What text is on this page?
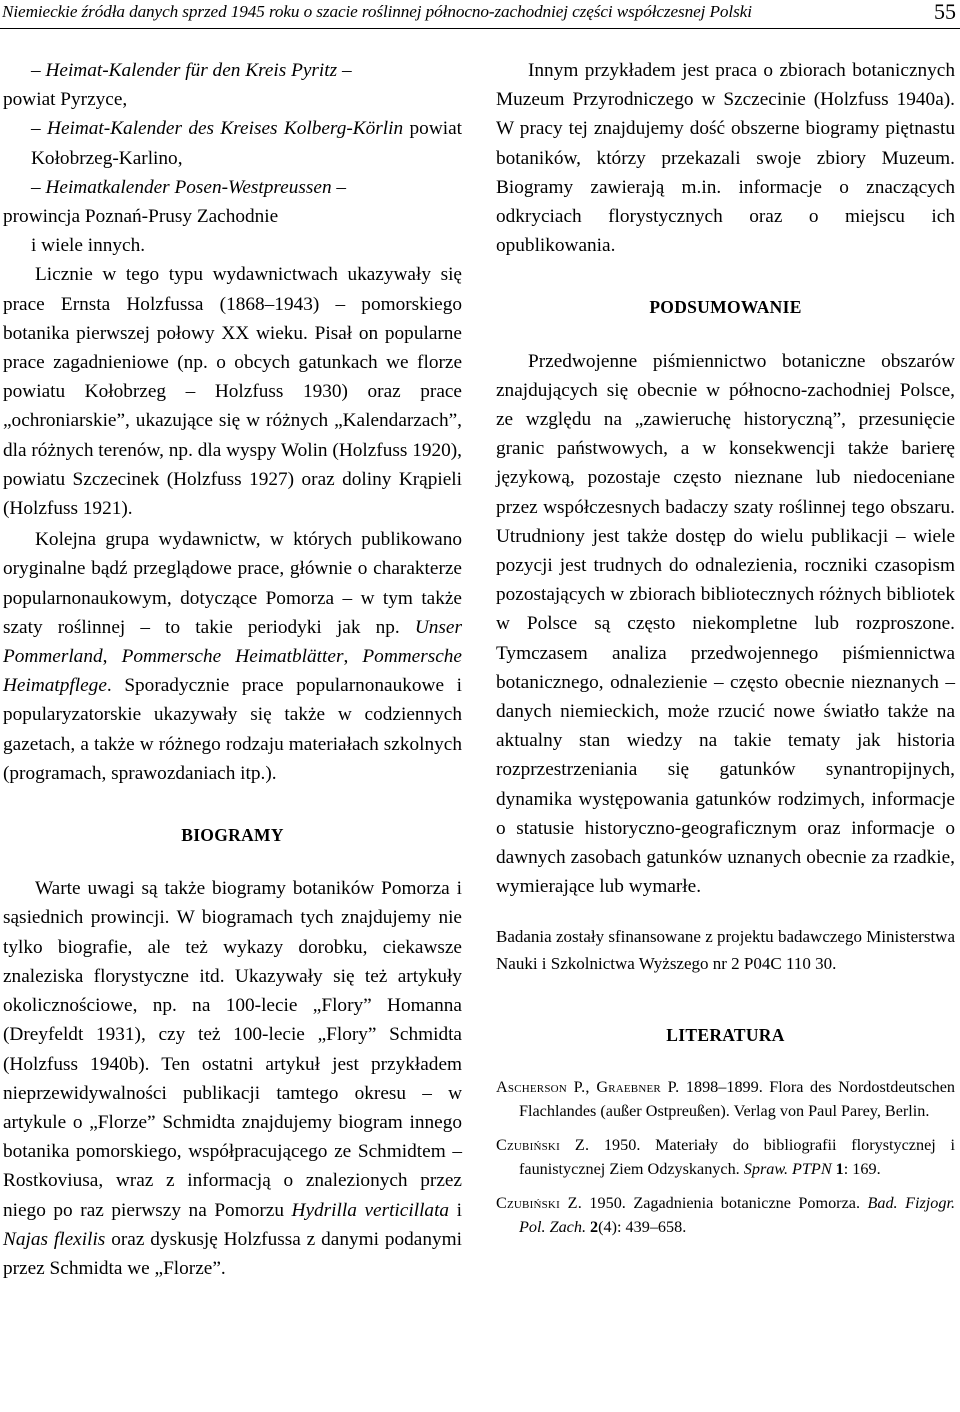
Niemieckie źródła danych sprzed 1945 roku o szacie roślinnej północno-zachodniej części współczesnej Polski	55

– Heimat-Kalender für den Kreis Pyritz –

powiat Pyrzyce,

– Heimat-Kalender des Kreises Kolberg-Körlin powiat Kołobrzeg-Karlino,

– Heimatkalender Posen-Westpreussen –

prowincja Poznań-Prusy Zachodnie

i wiele innych.

Licznie w tego typu wydawnictwach ukazywały się prace Ernsta Holzfussa (1868–1943) – pomorskiego botanika pierwszej połowy XX wieku. Pisał on popularne prace zagadnieniowe (np. o obcych gatunkach we florze powiatu Kołobrzeg – Holzfuss 1930) oraz prace „ochroniarskie”, ukazujące się w różnych „Kalendarzach”, dla różnych terenów, np. dla wyspy Wolin (Holzfuss 1920), powiatu Szczecinek (Holzfuss 1927) oraz doliny Krąpieli (Holzfuss 1921).

Kolejna grupa wydawnictw, w których publikowano oryginalne bądź przeglądowe prace, głównie o charakterze popularnonaukowym, dotyczące Pomorza – w tym także szaty roślinnej – to takie periodyki jak np. Unser Pommerland, Pommersche Heimatblätter, Pommersche Heimatpflege. Sporadycznie prace popularnonaukowe i popularyzatorskie ukazywały się także w codziennych gazetach, a także w różnego rodzaju materiałach szkolnych (programach, sprawozdaniach itp.).

BIOGRAMY

Warte uwagi są także biogramy botaników Pomorza i sąsiednich prowincji. W biogramach tych znajdujemy nie tylko biografie, ale też wykazy dorobku, ciekawsze znaleziska florystyczne itd. Ukazywały się też artykuły okolicznościowe, np. na 100-lecie „Flory” Homanna (Dreyfeldt 1931), czy też 100-lecie „Flory” Schmidta (Holzfuss 1940b). Ten ostatni artykuł jest przykładem nieprzewidywalności publikacji tamtego okresu – w artykule o „Florze” Schmidta znajdujemy biogram innego botanika pomorskiego, współpracującego ze Schmidtem – Rostkoviusa, wraz z informacją o znalezionych przez niego po raz pierwszy na Pomorzu Hydrilla verticillata i Najas flexilis oraz dyskusję Holzfussa z danymi podanymi przez Schmidta we „Florze”.

Innym przykładem jest praca o zbiorach botanicznych Muzeum Przyrodniczego w Szczecinie (Holzfuss 1940a). W pracy tej znajdujemy dość obszerne biogramy piętnastu botaników, którzy przekazali swoje zbiory Muzeum. Biogramy zawierają m.in. informacje o znaczących odkryciach florystycznych oraz o miejscu ich opublikowania.

PODSUMOWANIE

Przedwojenne piśmiennictwo botaniczne obszarów znajdujących się obecnie w północno-zachodniej Polsce, ze względu na „zawieruchę historyczną”, przesunięcie granic państwowych, a w konsekwencji także barierę językową, pozostaje często nieznane lub niedoceniane przez współczesnych badaczy szaty roślinnej tego obszaru. Utrudniony jest także dostęp do wielu publikacji – wiele pozycji jest trudnych do odnalezienia, roczniki czasopism pozostających w zbiorach bibliotecznych różnych bibliotek w Polsce są często niekompletne lub rozproszone. Tymczasem analiza przedwojennego piśmiennictwa botanicznego, odnalezienie – często obecnie nieznanych – danych niemieckich, może rzucić nowe światło także na aktualny stan wiedzy na takie tematy jak historia rozprzestrzeniania się gatunków synantropijnych, dynamika występowania gatunków rodzimych, informacje o statusie historyczno-geograficznym oraz informacje o dawnych zasobach gatunków uznanych obecnie za rzadkie, wymierające lub wymarłe.

Badania zostały sfinansowane z projektu badawczego Ministerstwa Nauki i Szkolnictwa Wyższego nr 2 P04C 110 30.

LITERATURA

Ascherson P., Graebner P. 1898–1899. Flora des Nordostdeutschen Flachlandes (außer Ostpreußen). Verlag von Paul Parey, Berlin.

Czubiński Z. 1950. Materiały do bibliografii florystycznej i faunistycznej Ziem Odzyskanych. Spraw. PTPN 1: 169.

Czubiński Z. 1950. Zagadnienia botaniczne Pomorza. Bad. Fizjogr. Pol. Zach. 2(4): 439–658.
